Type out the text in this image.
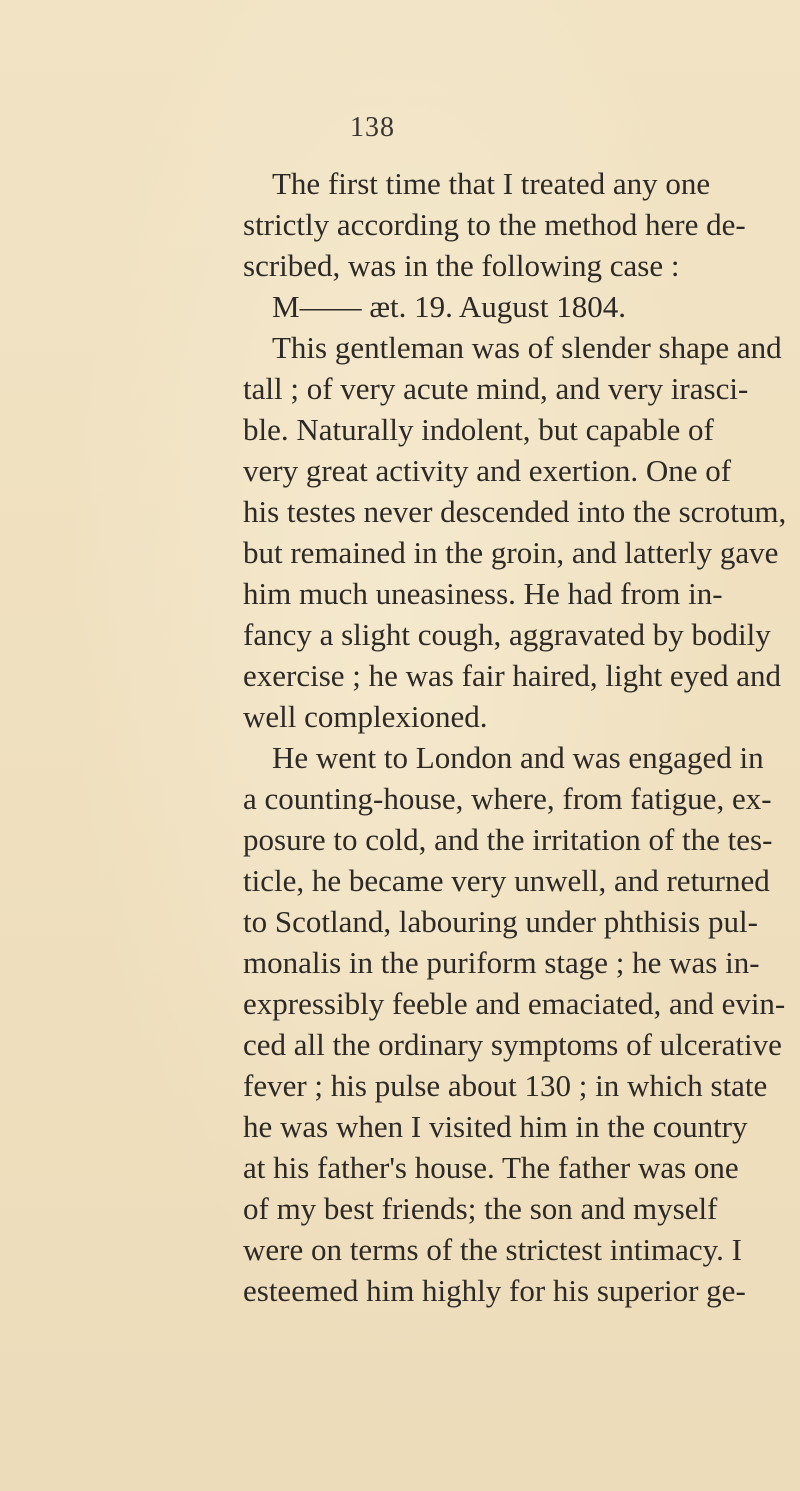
138
The first time that I treated any one
strictly according to the method here de-
scribed, was in the following case :
M—— æt. 19. August 1804.
This gentleman was of slender shape and
tall ; of very acute mind, and very irasci-
ble. Naturally indolent, but capable of
very great activity and exertion. One of
his testes never descended into the scrotum,
but remained in the groin, and latterly gave
him much uneasiness. He had from in-
fancy a slight cough, aggravated by bodily
exercise ; he was fair haired, light eyed and
well complexioned.
He went to London and was engaged in
a counting-house, where, from fatigue, ex-
posure to cold, and the irritation of the tes-
ticle, he became very unwell, and returned
to Scotland, labouring under phthisis pul-
monalis in the puriform stage ; he was in-
expressibly feeble and emaciated, and evin-
ced all the ordinary symptoms of ulcerative
fever ; his pulse about 130 ; in which state
he was when I visited him in the country
at his father's house. The father was one
of my best friends; the son and myself
were on terms of the strictest intimacy. I
esteemed him highly for his superior ge-
